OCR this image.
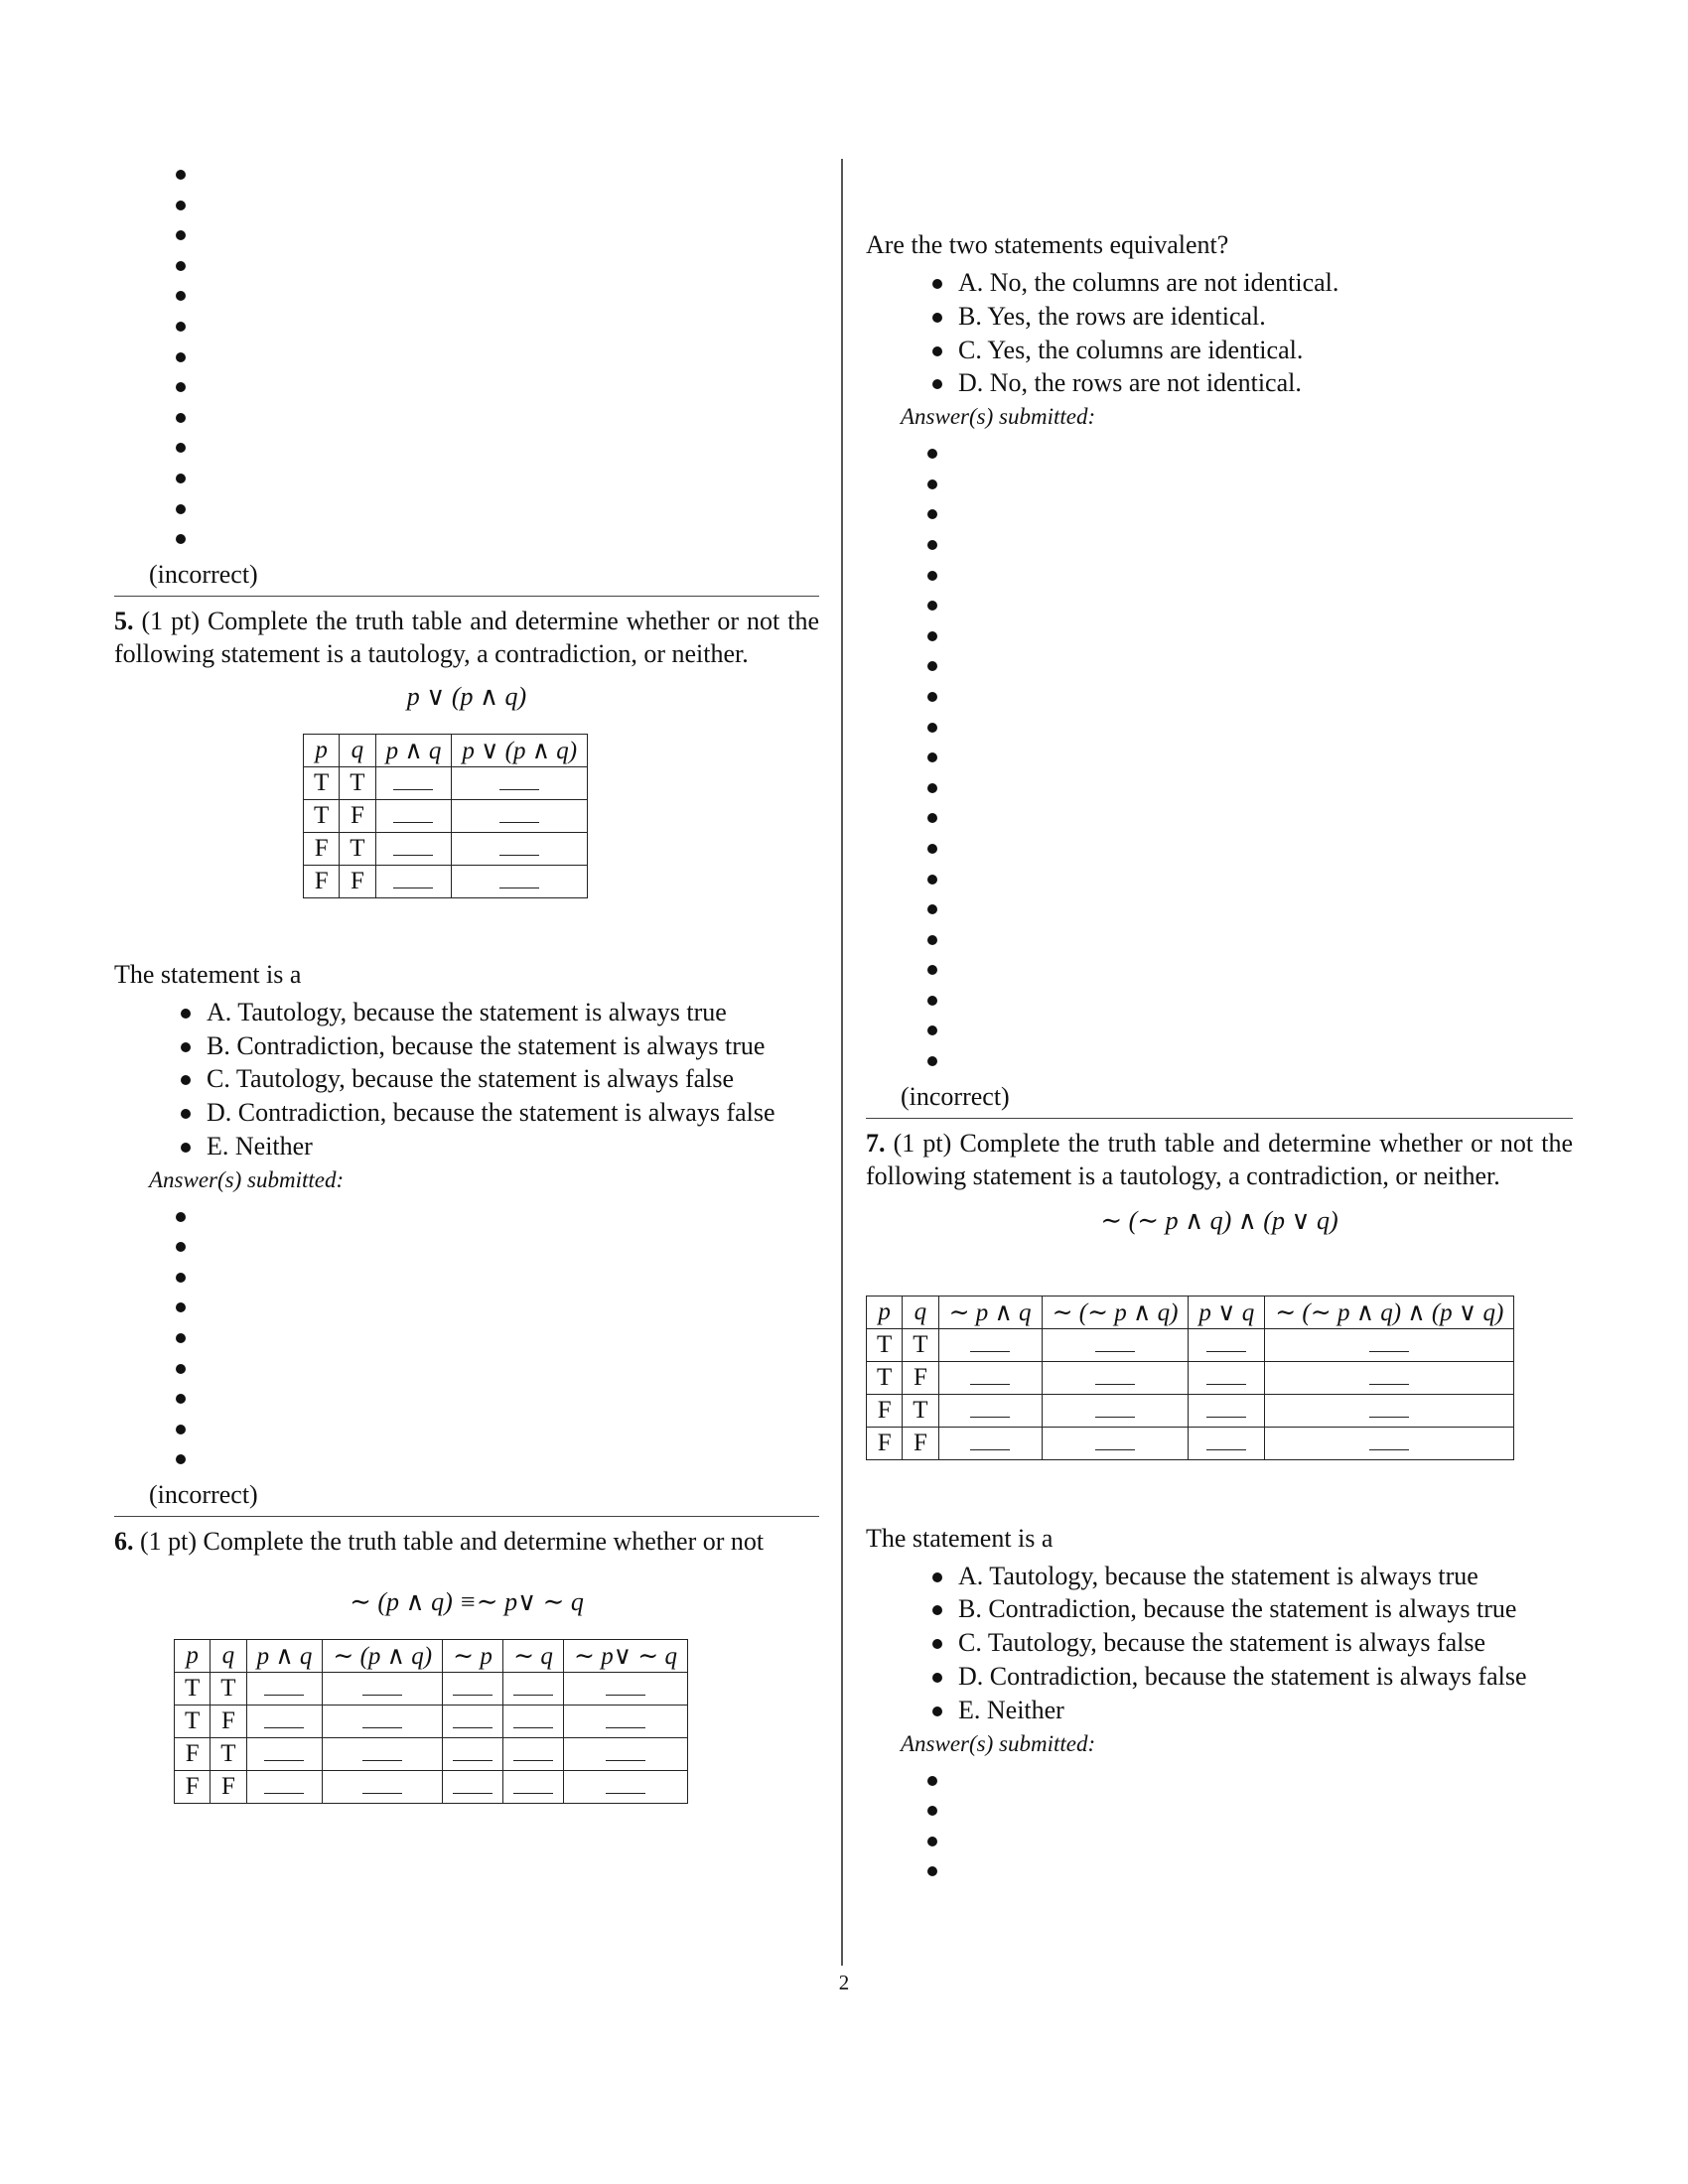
(incorrect)

5. (1 pt) Complete the truth table and determine whether or not the following statement is a tautology, a contradiction, or neither.

p ∨ (p ∧ q)
p	q	p ∧ q	p ∨ (p ∧ q)
T	T		
T	F		
F	T		
F	F		

The statement is a

A. Tautology, because the statement is always true
B. Contradiction, because the statement is always true
C. Tautology, because the statement is always false
D. Contradiction, because the statement is always false
E. Neither
Answer(s) submitted:
(incorrect)

6. (1 pt) Complete the truth table and determine whether or not

∼ (p ∧ q) ≡∼ p∨ ∼ q
p	q	p ∧ q	∼ (p ∧ q)	∼ p	∼ q	∼ p∨ ∼ q
T	T					
T	F					
F	T					
F	F					

Are the two statements equivalent?

A. No, the columns are not identical.
B. Yes, the rows are identical.
C. Yes, the columns are identical.
D. No, the rows are not identical.
Answer(s) submitted:
(incorrect)

7. (1 pt) Complete the truth table and determine whether or not the following statement is a tautology, a contradiction, or neither.

∼ (∼ p ∧ q) ∧ (p ∨ q)
p	q	∼ p ∧ q	∼ (∼ p ∧ q)	p ∨ q	∼ (∼ p ∧ q) ∧ (p ∨ q)
T	T				
T	F				
F	T				
F	F				

The statement is a

A. Tautology, because the statement is always true
B. Contradiction, because the statement is always true
C. Tautology, because the statement is always false
D. Contradiction, because the statement is always false
E. Neither
Answer(s) submitted:
2
